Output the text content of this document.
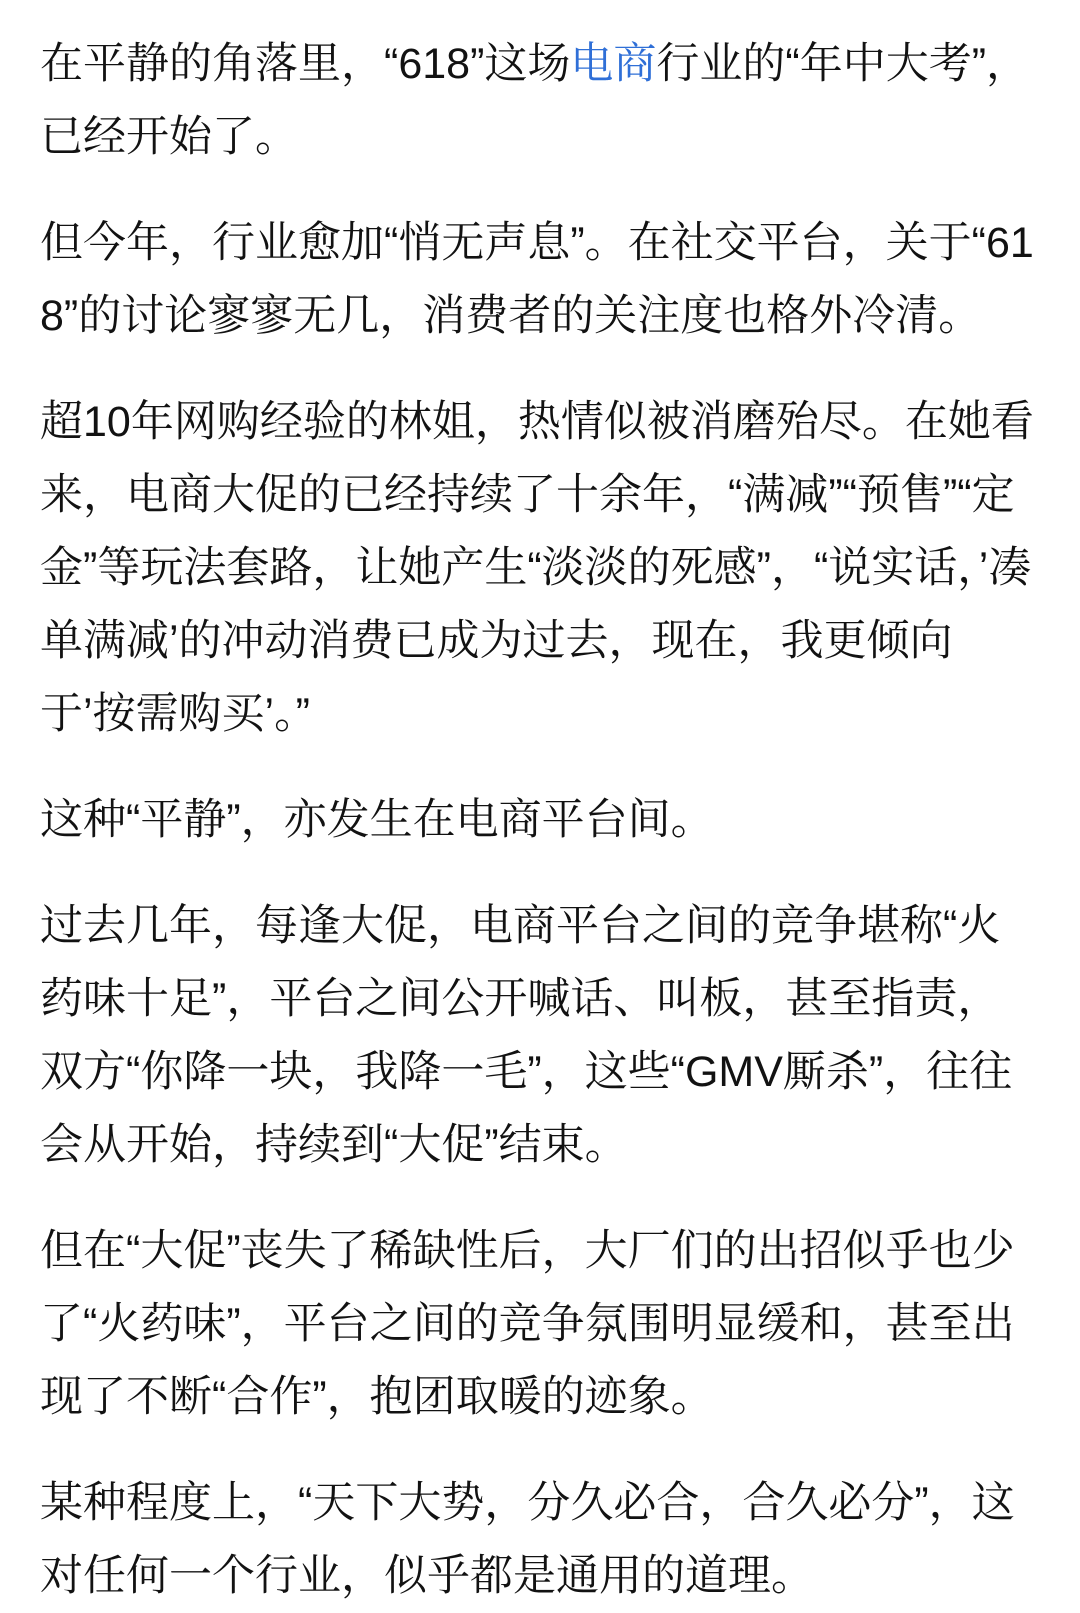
在平静的角落里，“618”这场电商行业的“年中大考”，已经开始了。

但今年，行业愈加“悄无声息”。在社交平台，关于“618”的讨论寥寥无几，消费者的关注度也格外冷清。

超10年网购经验的林姐，热情似被消磨殆尽。在她看来，电商大促的已经持续了十余年，“满减”“预售”“定金”等玩法套路，让她产生“淡淡的死感”，“说实话，’凑单满减’的冲动消费已成为过去，现在，我更倾向于’按需购买’。”

这种“平静”，亦发生在电商平台间。

过去几年，每逢大促，电商平台之间的竞争堪称“火药味十足”，平台之间公开喊话、叫板，甚至指责，双方“你降一块，我降一毛”，这些“GMV厮杀”，往往会从开始，持续到“大促”结束。

但在“大促”丧失了稀缺性后，大厂们的出招似乎也少了“火药味”，平台之间的竞争氛围明显缓和，甚至出现了不断“合作”，抱团取暖的迹象。

某种程度上，“天下大势，分久必合，合久必分”，这对任何一个行业，似乎都是通用的道理。
